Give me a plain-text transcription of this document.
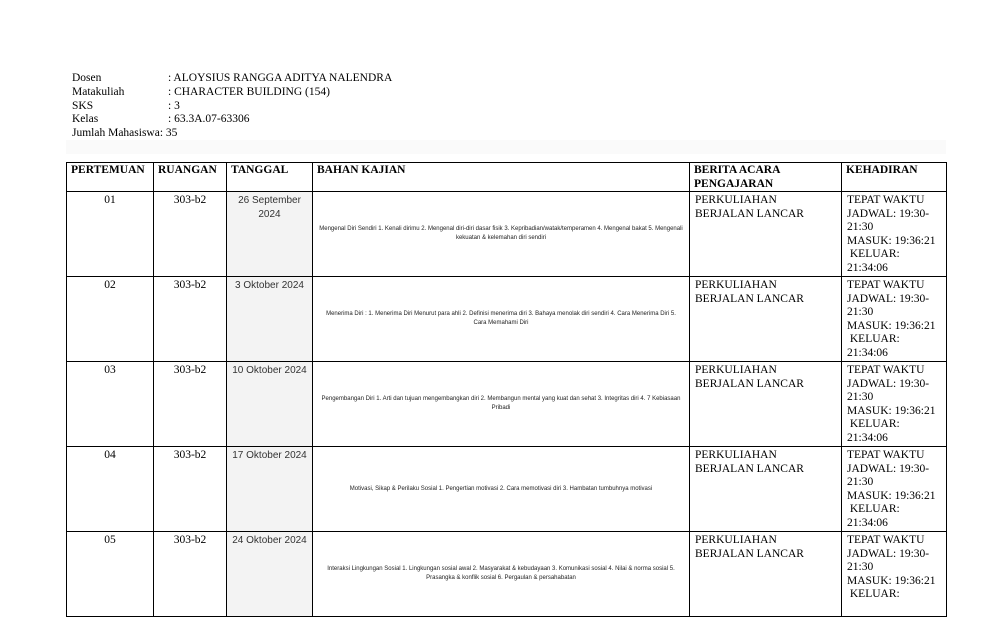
Dosen	: ALOYSIUS RANGGA ADITYA NALENDRA
Matakuliah	: CHARACTER BUILDING (154)
SKS	: 3
Kelas	: 63.3A.07-63306
Jumlah Mahasiswa : 35
PERTEMUAN	RUANGAN	TANGGAL	BAHAN KAJIAN	BERITA ACARA PENGAJARAN	KEHADIRAN
01	303-b2	26 September 2024	Mengenal Diri Sendiri 1. Kenali dirimu 2. Mengenal diri-diri dasar fisik 3. Kepribadian/watak/temperamen 4. Mengenal bakat 5. Mengenali kekuatan & kelemahan diri sendiri	PERKULIAHAN BERJALAN LANCAR	TEPAT WAKTU
JADWAL: 19:30-21:30
MASUK: 19:36:21
KELUAR: 21:34:06

02	303-b2	3 Oktober 2024	Menerima Diri : 1. Menerima Diri Menurut para ahli 2. Definisi menerima diri 3. Bahaya menolak diri sendiri 4. Cara Menerima Diri 5. Cara Memahami Diri	PERKULIAHAN BERJALAN LANCAR	TEPAT WAKTU
JADWAL: 19:30-21:30
MASUK: 19:36:21
KELUAR: 21:34:06

03	303-b2	10 Oktober 2024	Pengembangan Diri 1. Arti dan tujuan mengembangkan diri 2. Membangun mental yang kuat dan sehat 3. Integritas diri 4. 7 Kebiasaan Pribadi	PERKULIAHAN BERJALAN LANCAR	TEPAT WAKTU
JADWAL: 19:30-21:30
MASUK: 19:36:21
KELUAR: 21:34:06

04	303-b2	17 Oktober 2024	Motivasi, Sikap & Perilaku Sosial 1. Pengertian motivasi 2. Cara memotivasi diri 3. Hambatan tumbuhnya motivasi	PERKULIAHAN BERJALAN LANCAR	TEPAT WAKTU
JADWAL: 19:30-21:30
MASUK: 19:36:21
KELUAR: 21:34:06

05	303-b2	24 Oktober 2024	Interaksi Lingkungan Sosial 1. Lingkungan sosial awal 2. Masyarakat & kebudayaan 3. Komunikasi sosial 4. Nilai & norma sosial 5. Prasangka & konflik sosial 6. Pergaulan & persahabatan	PERKULIAHAN BERJALAN LANCAR	TEPAT WAKTU
JADWAL: 19:30-21:30
MASUK: 19:36:21
KELUAR:
